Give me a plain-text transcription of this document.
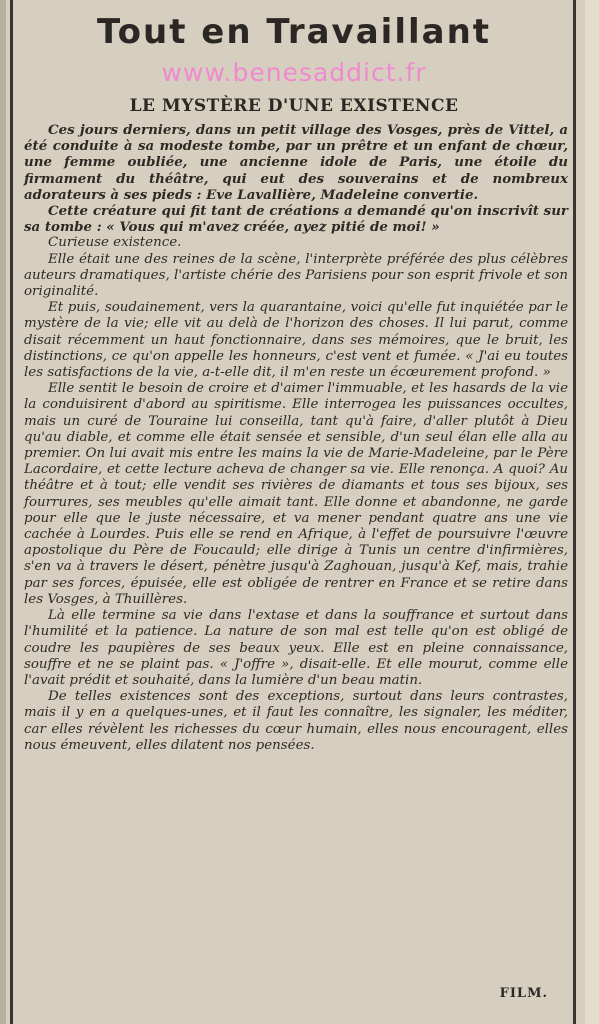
Tout en Travaillant
www.benesaddict.fr
LE MYSTÈRE D'UNE EXISTENCE

Ces jours derniers, dans un petit village des Vosges, près de Vittel, a été conduite à sa modeste tombe, par un prêtre et un enfant de chœur, une femme oubliée, une ancienne idole de Paris, une étoile du firmament du théâtre, qui eut des souverains et de nombreux adorateurs à ses pieds : Eve Lavallière, Madeleine convertie.

Cette créature qui fit tant de créations a demandé qu'on inscrivît sur sa tombe : « Vous qui m'avez créée, ayez pitié de moi! »

Curieuse existence.

Elle était une des reines de la scène, l'interprète préférée des plus célèbres auteurs dramatiques, l'artiste chérie des Parisiens pour son esprit frivole et son originalité.

Et puis, soudainement, vers la quarantaine, voici qu'elle fut inquiétée par le mystère de la vie; elle vit au delà de l'horizon des choses. Il lui parut, comme disait récemment un haut fonctionnaire, dans ses mémoires, que le bruit, les distinctions, ce qu'on appelle les honneurs, c'est vent et fumée. « J'ai eu toutes les satisfactions de la vie, a-t-elle dit, il m'en reste un écœurement profond. »

Elle sentit le besoin de croire et d'aimer l'immuable, et les hasards de la vie la conduisirent d'abord au spiritisme. Elle interrogea les puissances occultes, mais un curé de Touraine lui conseilla, tant qu'à faire, d'aller plutôt à Dieu qu'au diable, et comme elle était sensée et sensible, d'un seul élan elle alla au premier. On lui avait mis entre les mains la vie de Marie-Madeleine, par le Père Lacordaire, et cette lecture acheva de changer sa vie. Elle renonça. A quoi? Au théâtre et à tout; elle vendit ses rivières de diamants et tous ses bijoux, ses fourrures, ses meubles qu'elle aimait tant. Elle donne et abandonne, ne garde pour elle que le juste nécessaire, et va mener pendant quatre ans une vie cachée à Lourdes. Puis elle se rend en Afrique, à l'effet de poursuivre l'œuvre apostolique du Père de Foucauld; elle dirige à Tunis un centre d'infirmières, s'en va à travers le désert, pénètre jusqu'à Zaghouan, jusqu'à Kef, mais, trahie par ses forces, épuisée, elle est obligée de rentrer en France et se retire dans les Vosges, à Thuillères.

Là elle termine sa vie dans l'extase et dans la souffrance et surtout dans l'humilité et la patience. La nature de son mal est telle qu'on est obligé de coudre les paupières de ses beaux yeux. Elle est en pleine connaissance, souffre et ne se plaint pas. « J'offre », disait-elle. Et elle mourut, comme elle l'avait prédit et souhaité, dans la lumière d'un beau matin.

De telles existences sont des exceptions, surtout dans leurs contrastes, mais il y en a quelques-unes, et il faut les connaître, les signaler, les méditer, car elles révèlent les richesses du cœur humain, elles nous encouragent, elles nous émeuvent, elles dilatent nos pensées.

FILM.
